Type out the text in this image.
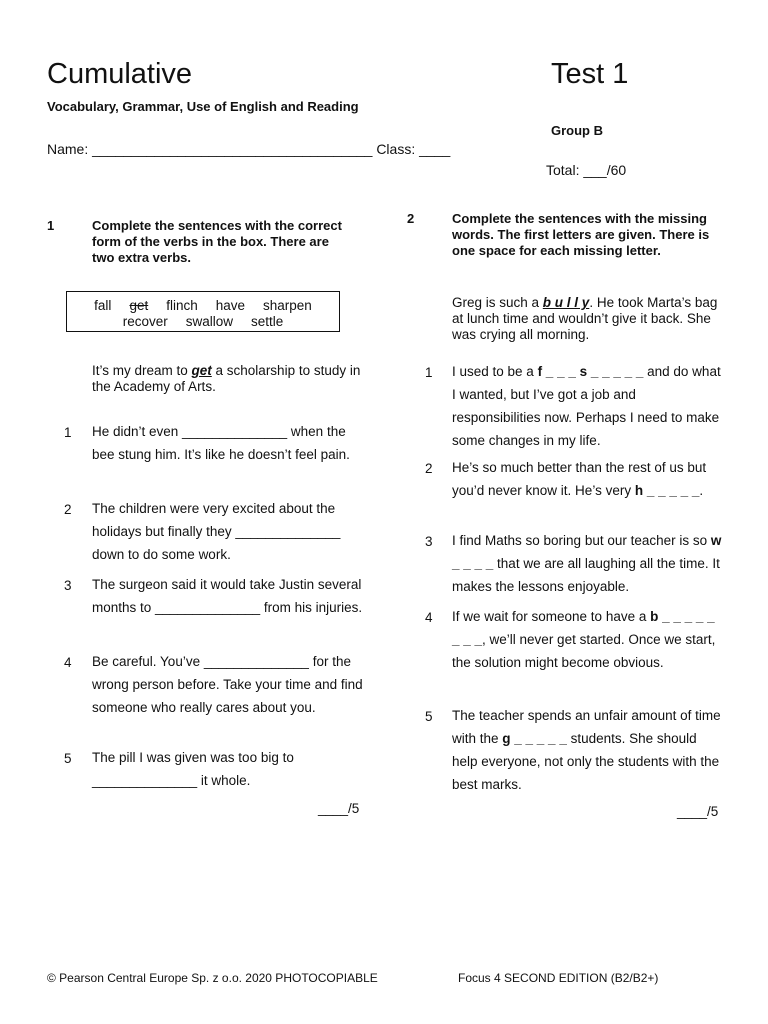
Cumulative	Test 1
Vocabulary, Grammar, Use of English and Reading
Group B
Name: ____________________________________ Class: ____
Total: ___/60
1	Complete the sentences with the correct form of the verbs in the box. There are two extra verbs.
fall get flinch have sharpen
recover swallow settle
It’s my dream to get a scholarship to study in the Academy of Arts.
1 He didn’t even ______________ when the bee stung him. It’s like he doesn’t feel pain.
2 The children were very excited about the holidays but finally they ______________ down to do some work.
3 The surgeon said it would take Justin several months to ______________ from his injuries.
4 Be careful. You’ve ______________ for the wrong person before. Take your time and find someone who really cares about you.
5 The pill I was given was too big to ______________ it whole.
____/5
2	Complete the sentences with the missing words. The first letters are given. There is one space for each missing letter.
Greg is such a b u l l y. He took Marta’s bag at lunch time and wouldn’t give it back. She was crying all morning.
1 I used to be a f _ _ _ s _ _ _ _ _ and do what I wanted, but I’ve got a job and responsibilities now. Perhaps I need to make some changes in my life.
2 He’s so much better than the rest of us but you’d never know it. He’s very h _ _ _ _ _.
3 I find Maths so boring but our teacher is so w _ _ _ _ that we are all laughing all the time. It makes the lessons enjoyable.
4 If we wait for someone to have a b _ _ _ _ _ _ _ _, we’ll never get started. Once we start, the solution might become obvious.
5 The teacher spends an unfair amount of time with the g _ _ _ _ _ students. She should help everyone, not only the students with the best marks.
____/5
© Pearson Central Europe Sp. z o.o. 2020 PHOTOCOPIABLE	Focus 4 SECOND EDITION (B2/B2+)
